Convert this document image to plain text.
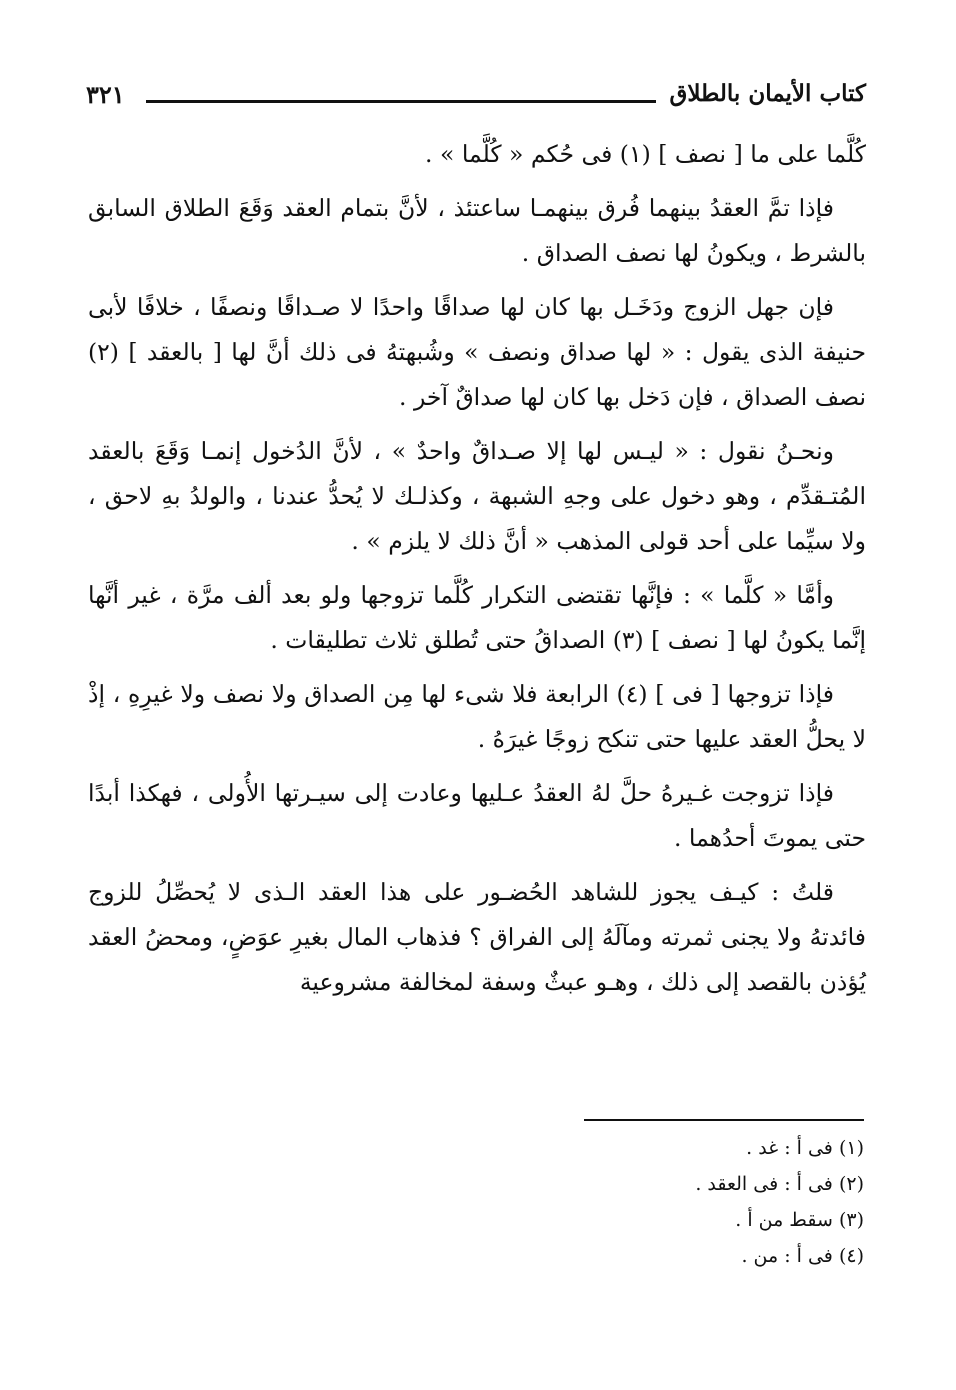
كتاب الأيمان بالطلاق
٣٢١

كُلَّما على ما [ نصف ] (١) فى حُكم « كُلَّما » .

فإذا تمَّ العقدُ بينهما فُرق بينهمـا ساعتئذ ، لأنَّ بتمام العقد وَقَعَ الطلاق السابق بالشرط ، ويكونُ لها نصف الصداق .

فإن جهل الزوج ودَخَـل بها كان لها صداقًا واحدًا لا صـداقًا ونصفًا ، خلافًا لأبى حنيفة الذى يقول : « لها صداق ونصف » وشُبهتهُ فى ذلك أنَّ لها [ بالعقد ] (٢) نصف الصداق ، فإن دَخل بها كان لها صداقٌ آخر .

ونحـنُ نقول : « ليـس لها إلا صـداقٌ واحدٌ » ، لأنَّ الدُخول إنمـا وَقَعَ بالعقد المُتـقدِّم ، وهو دخول على وجهِ الشبهة ، وكذلـك لا يُحدُّ عندنا ، والولدُ بهِ لاحق ، ولا سيِّما على أحد قولى المذهب « أنَّ ذلك لا يلزم » .

وأمَّا « كلَّما » : فإنَّها تقتضى التكرار كُلَّما تزوجها ولو بعد ألف مرَّة ، غير أنَّها إنَّما يكونُ لها [ نصف ] (٣) الصداقُ حتى تُطلق ثلاث تطليقات .

فإذا تزوجها [ فى ] (٤) الرابعة فلا شىء لها مِن الصداق ولا نصف ولا غيرِهِ ، إذْ لا يحلُّ العقد عليها حتى تنكح زوجًا غيرَهُ .

فإذا تزوجت غـيرهُ حلَّ لهُ العقدُ عـليها وعادت إلى سيـرتها الأُولى ، فهكذا أبدًا حتى يموتَ أحدُهما .

قلتُ : كيـف يجوز للشاهد الحُضـور على هذا العقد الـذى لا يُحصِّلُ للزوج فائدتهُ ولا يجنى ثمرته ومآلَهُ إلى الفراق ؟ فذهاب المال بغيرِ عوَضٍ، ومحضُ العقد يُؤذن بالقصد إلى ذلك ، وهـو عبثٌ وسفة لمخالفة مشروعية

(١) فى أ : غد .

(٢) فى أ : فى العقد .

(٣) سقط من أ .

(٤) فى أ : من .
